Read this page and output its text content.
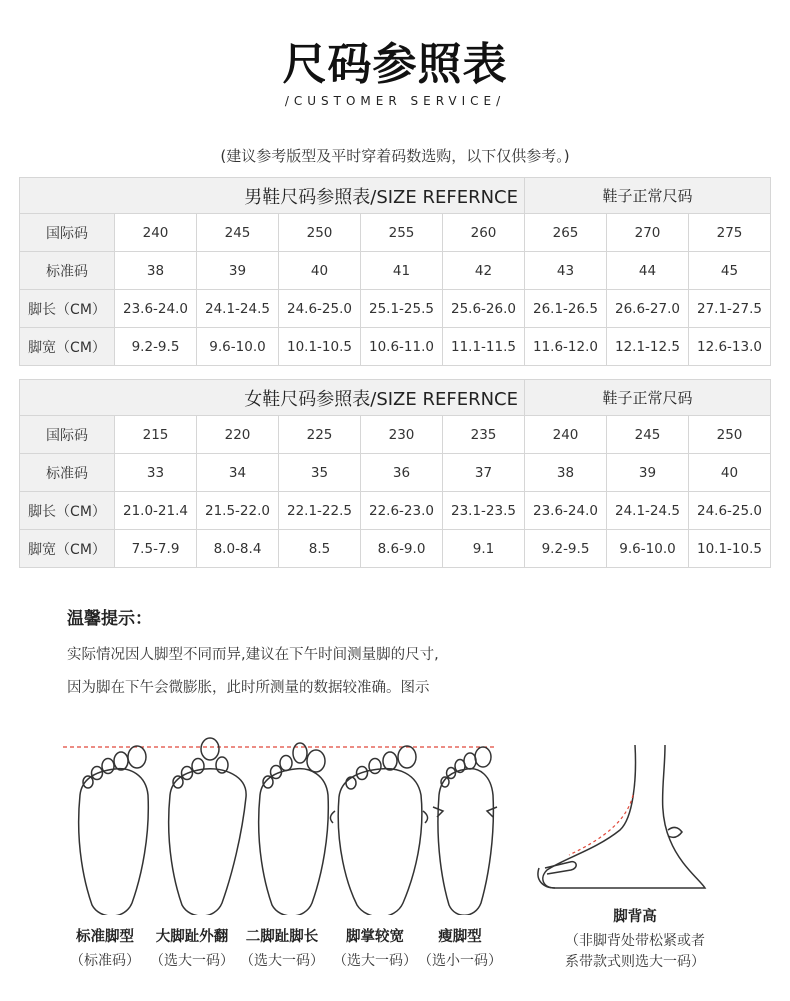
尺码参照表
/CUSTOMER SERVICE/
(建议参考版型及平时穿着码数选购，以下仅供参考。)
男鞋尺码参照表/SIZE REFERNCE						鞋子正常尺码		
国际码	240	245	250	255	260	265	270	275
标准码	38	39	40	41	42	43	44	45
脚长（CM）	23.6-24.0	24.1-24.5	24.6-25.0	25.1-25.5	25.6-26.0	26.1-26.5	26.6-27.0	27.1-27.5
脚宽（CM）	9.2-9.5	9.6-10.0	10.1-10.5	10.6-11.0	11.1-11.5	11.6-12.0	12.1-12.5	12.6-13.0
女鞋尺码参照表/SIZE REFERNCE						鞋子正常尺码		
国际码	215	220	225	230	235	240	245	250
标准码	33	34	35	36	37	38	39	40
脚长（CM）	21.0-21.4	21.5-22.0	22.1-22.5	22.6-23.0	23.1-23.5	23.6-24.0	24.1-24.5	24.6-25.0
脚宽（CM）	7.5-7.9	8.0-8.4	8.5	8.6-9.0	9.1	9.2-9.5	9.6-10.0	10.1-10.5
温馨提示：
实际情况因人脚型不同而异,建议在下午时间测量脚的尺寸,
因为脚在下午会微膨胀，此时所测量的数据较准确。图示
标准脚型
（标准码）
大脚趾外翻
（选大一码）
二脚趾脚长
（选大一码）
脚掌较宽
（选大一码）
瘦脚型
（选小一码）
脚背高
（非脚背处带松紧或者
系带款式则选大一码）
